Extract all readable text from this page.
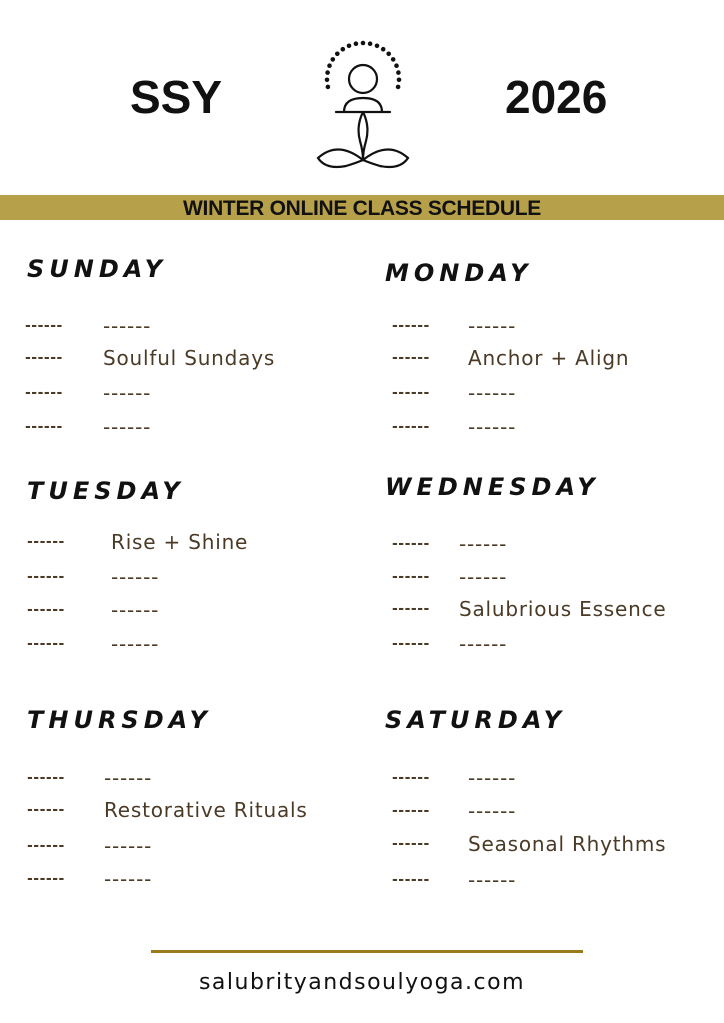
SSY	2026
WINTER ONLINE CLASS SCHEDULE
SUNDAY
------ ------
------ Soulful Sundays
------ ------
------ ------
MONDAY
------ ------
------ Anchor + Align
------ ------
------ ------
TUESDAY
------ Rise + Shine
------ ------
------ ------
------ ------
WEDNESDAY
------ ------
------ ------
------ Salubrious Essence
------ ------
THURSDAY
------ ------
------ Restorative Rituals
------ ------
------ ------
SATURDAY
------ ------
------ ------
------ Seasonal Rhythms
------ ------
salubrityandsoulyoga.com
